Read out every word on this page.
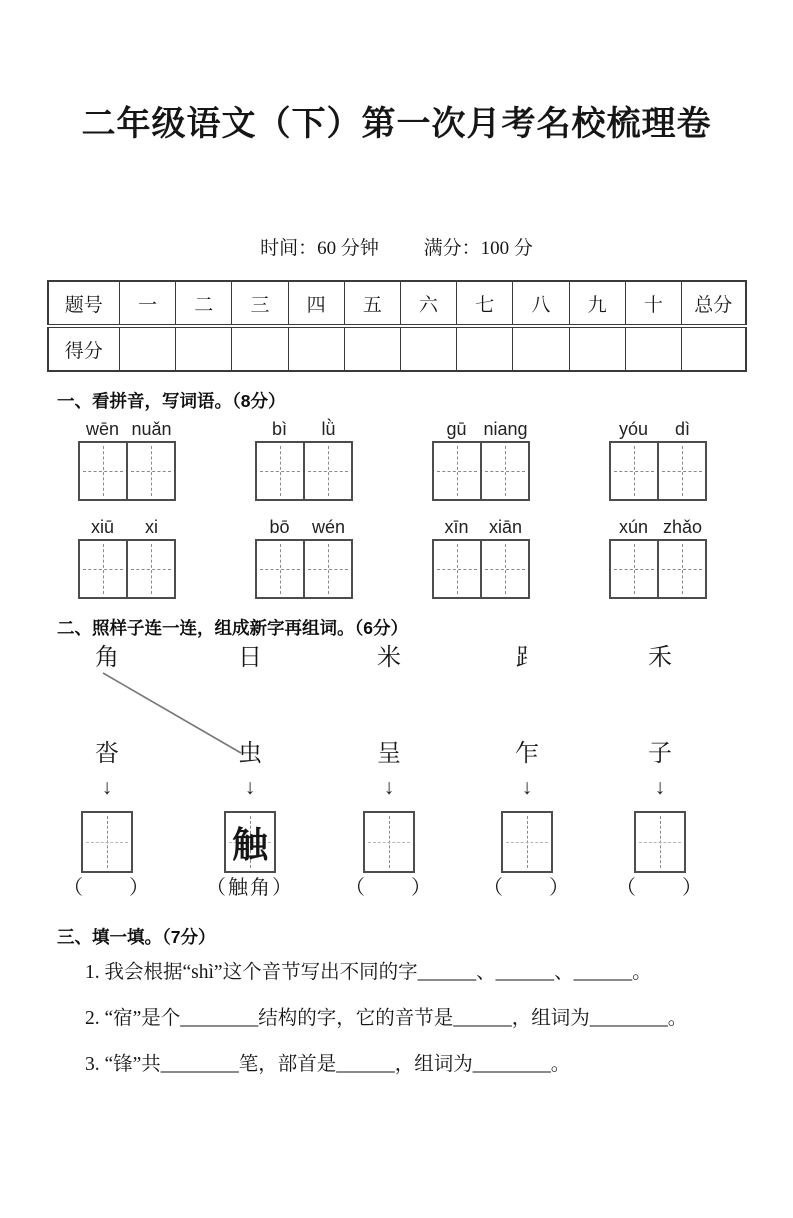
二年级语文（下）第一次月考名校梳理卷
时间：60 分钟 满分：100 分
题号	一	二	三	四	五	六	七	八	九	十	总分
得分											
一、看拼音，写词语。（8分）
wēn nuǎn	bì	lǜ	gū niang	yóu	dì
xiū	xi	bō	wén	xīn	xiān	xún zhǎo
二、照样子连一连，组成新字再组词。（6分）
角
沓
↓
（　　）
日
虫
↓
触
（触角）
米
呈
↓
（　　）
⻊
乍
↓
（　　）
禾
子
↓
（　　）
三、填一填。（7分）
1. 我会根据“shì”这个音节写出不同的字______、______、______。
2. “宿”是个________结构的字，它的音节是______，组词为________。
3. “锋”共________笔，部首是______，组词为________。
